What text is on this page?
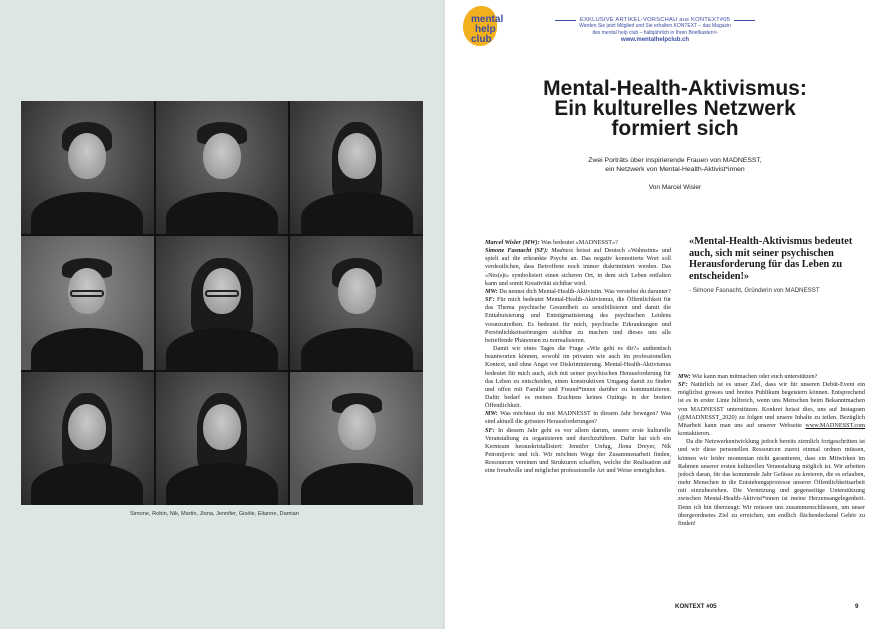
Simone, Robin, Nik, Martin, Jlona, Jennifer, Gisèle, Elianne, Damian
mental
help
club
EXKLUSIVE ARTIKEL-VORSCHAU aus KONTEXT#05
Werden Sie jetzt Mitglied und Sie erhalten KONTEXT – das Magazin
des mental help club – halbjährlich in Ihren Briefkasten!»
www.mentalhelpclub.ch
Mental-Health-Aktivismus:
Ein kulturelles Netzwerk
formiert sich
Zwei Porträts über inspirierende Frauen von MADNESST,
ein Netzwerk von Mental-Health-Aktivist*innen
Von Marcel Wisler

Marcel Wisler (MW): Was bedeutet «MADNESST»?

Simone Fasnacht (SF): Madness heisst auf Deutsch «Wahnsinn» und spielt auf die erkrankte Psyche an. Das negativ konnotierte Wort soll verdeutlichen, dass Betroffene noch immer diskriminiert werden. Das «Nes(s)t» symbolisiert einen sicheren Ort, in dem sich Leben entfalten kann und somit Kreativität sichtbar wird.

MW: Du nennst dich Mental-Health-Aktivistin. Was verstehst du darunter?

SF: Für mich bedeutet Mental-Health-Aktivismus, die Öffentlichkeit für das Thema psychische Gesundheit zu sensibilisieren und damit die Enttabuisierung und Entstigmatisierung des psychischen Leidens voranzutreiben. Es bedeutet für mich, psychische Erkrankungen und Persönlichkeitsstörungen sichtbar zu machen und dieses uns alle betreffende Phänomen zu normalisieren.

Damit wir eines Tages die Frage «Wie geht es dir?» authentisch beantworten können, sowohl im privaten wie auch im professionellen Kontext, und ohne Angst vor Diskriminierung. Mental-Health-Aktivismus bedeutet für mich auch, sich mit seiner psychischen Herausforderung für das Leben zu entscheiden, einen konstruktiven Umgang damit zu finden und offen mit Familie und Freund*innen darüber zu kommunizieren. Dafür bedarf es meines Erachtens keines Outings in der breiten Öffentlichkeit.

MW: Was möchtest du mit MADNESST in diesem Jahr bewegen? Was sind aktuell die grössten Herausforderungen?

SF: In diesem Jahr geht es vor allem darum, unsere erste kulturelle Veranstaltung zu organisieren und durchzuführen. Dafür hat sich ein Kernteam herauskristallisiert: Jennifer Unfug, Jlona Dreyer, Nik Petronijevic und ich. Wir möchten Wege der Zusammenarbeit finden, Ressourcen vereinen und Strukturen schaffen, welche die Realisation auf eine freudvolle und möglichst professionelle Art und Weise ermöglichen.

«Mental-Health-Aktivismus bedeutet auch, sich mit seiner psychischen Herausforderung für das Leben zu entscheiden!»
- Simone Fasnacht, Gründerin von MADNESST

MW: Wie kann man mitmachen oder euch unterstützen?

SF: Natürlich ist es unser Ziel, dass wir für unseren Debüt-Event ein möglichst grosses und breites Publikum begeistern können. Entsprechend ist es in erster Linie hilfreich, wenn uns Menschen beim Bekanntmachen von MADNESST unterstützen. Konkret heisst dies, uns auf Instagram (@MADNESST_2020) zu folgen und unsere Inhalte zu teilen. Bezüglich Mitarbeit kann man uns auf unserer Webseite www.MADNESST.com kontaktieren.

Da die Netzwerkentwicklung jedoch bereits ziemlich fortgeschritten ist und wir diese personellen Ressourcen zuerst einmal ordnen müssen, können wir leider momentan nicht garantieren, dass ein Mitwirken im Rahmen unserer ersten kulturellen Veranstaltung möglich ist. Wir arbeiten jedoch daran, für das kommende Jahr Gefässe zu kreieren, die es erlauben, mehr Menschen in die Entstehungsprozesse unserer Öffentlichkeitsarbeit mit einzubeziehen. Die Vernetzung und gegenseitige Unterstützung zwischen Mental-Health-Aktivist*innen ist meine Herzensangelegenheit. Denn ich bin überzeugt: Wir müssen uns zusammenschliessen, um unser übergeordnetes Ziel zu erreichen, um endlich flächendeckend Gehör zu finden!

KONTEXT #05	9
